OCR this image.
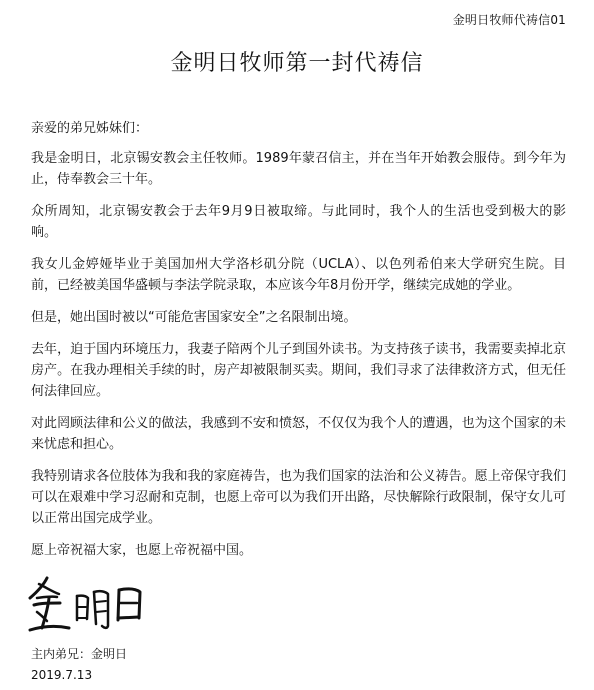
金明日牧师代祷信01
金明日牧师第一封代祷信

亲爱的弟兄姊妹们：

我是金明日，北京锡安教会主任牧师。1989年蒙召信主，并在当年开始教会服侍。到今年为止，侍奉教会三十年。

众所周知，北京锡安教会于去年9月9日被取缔。与此同时，我个人的生活也受到极大的影响。

我女儿金婷娅毕业于美国加州大学洛杉矶分院（UCLA）、以色列希伯来大学研究生院。目前，已经被美国华盛顿与李法学院录取，本应该今年8月份开学，继续完成她的学业。

但是，她出国时被以“可能危害国家安全”之名限制出境。

去年，迫于国内环境压力，我妻子陪两个儿子到国外读书。为支持孩子读书，我需要卖掉北京房产。在我办理相关手续的时，房产却被限制买卖。期间，我们寻求了法律救济方式，但无任何法律回应。

对此罔顾法律和公义的做法，我感到不安和愤怒，不仅仅为我个人的遭遇，也为这个国家的未来忧虑和担心。

我特别请求各位肢体为我和我的家庭祷告，也为我们国家的法治和公义祷告。愿上帝保守我们可以在艰难中学习忍耐和克制，也愿上帝可以为我们开出路，尽快解除行政限制，保守女儿可以正常出国完成学业。

愿上帝祝福大家，也愿上帝祝福中国。

主内弟兄：金明日
2019.7.13
